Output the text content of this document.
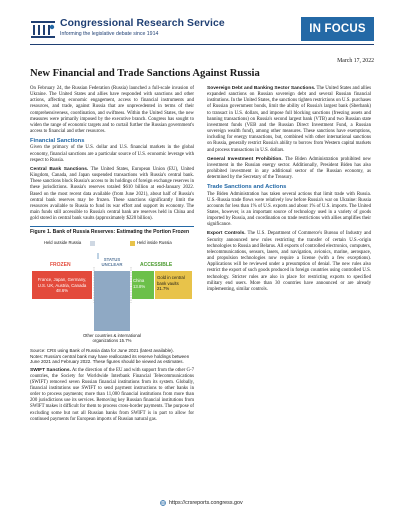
Congressional Research Service
Informing the legislative debate since 1914	IN FOCUS
March 17, 2022
New Financial and Trade Sanctions Against Russia

On February 24, the Russian Federation (Russia) launched a full-scale invasion of Ukraine. The United States and allies have responded with sanctions and other actions, affecting economic engagement, access to financial instruments and resources, and trade, against Russia that are unprecedented in terms of their comprehensiveness, coordination, and swiftness. Within the United States, the new measures were primarily imposed by the executive branch. Congress has sought to widen the range of economic targets and to curtail further the Russian government's access to financial and other resources.

Financial Sanctions

Given the primacy of the U.S. dollar and U.S. financial markets in the global economy, financial sanctions are a particular source of U.S. economic leverage with respect to Russia.

Central Bank Sanctions. The United States, European Union (EU), United Kingdom, Canada, and Japan suspended transactions with Russia's central bank. These sanctions block Russia's access to its holdings of foreign exchange reserves in these jurisdictions. Russia's reserves totaled $610 billion at end-January 2022. Based on the most recent data available (from June 2021), about half of Russia's central bank reserves may be frozen. These sanctions significantly limit the resources available to Russia to fund its war effort and support its economy. The main funds still accessible to Russia's central bank are reserves held in China and gold stored in central bank vaults (approximately $220 billion).

Figure 1. Bank of Russia Reserves: Estimating the Portion Frozen
Held outside Russia	Held inside Russia
FROZEN
STATUS UNCLEAR	ACCESSIBLE
France, Japan, Germany, U.S. UK, Austria, Canada 48.6%
China 13.8%
Gold in central bank vaults 21.7%
Other countries & international organizations 15.7%
Source: CRS using Bank of Russia data for June 2021 (latest available).
Notes: Russia's central bank may have reallocated its reserve holdings between June 2021 and February 2022. These figures should be viewed as estimates.

SWIFT Sanctions. At the direction of the EU and with support from the other G-7 countries, the Society for Worldwide Interbank Financial Telecommunications (SWIFT) removed seven Russian financial institutions from its system. Globally, financial institutions use SWIFT to send payment instructions to other banks in order to process payments; more than 11,000 financial institutions from more than 200 jurisdictions use its services. Removing key Russian financial institutions from SWIFT makes it difficult for them to process cross-border payments. The purpose of excluding some but not all Russian banks from SWIFT is in part to allow for continued payments for European imports of Russian natural gas.

Sovereign Debt and Banking Sector Sanctions. The United States and allies expanded sanctions on Russian sovereign debt and several Russian financial institutions. In the United States, the sanctions tighten restrictions on U.S. purchases of Russian government bonds, limit the ability of Russia's largest bank (Sberbank) to transact in U.S. dollars, and impose full blocking sanctions (freezing assets and banning transactions) on Russia's second largest bank (VTB) and two Russian state investment funds (VEB and the Russian Direct Investment Fund, a Russian sovereign wealth fund), among other measures. These sanctions have exemptions, including for energy transactions, but, combined with other international sanctions on Russia, generally restrict Russia's ability to borrow from Western capital markets and process transactions in U.S. dollars.

General Investment Prohibition. The Biden Administration prohibited new investment in the Russian energy sector. Additionally, President Biden has also prohibited investment in any additional sector of the Russian economy, as determined by the Secretary of the Treasury.

Trade Sanctions and Actions

The Biden Administration has taken several actions that limit trade with Russia. U.S.-Russia trade flows were relatively low before Russia's war on Ukraine: Russia accounts for less than 1% of U.S. exports and about 1% of U.S. imports. The United States, however, is an important source of technology used in a variety of goods imported by Russia, and coordination on trade restrictions with allies amplifies their significance.

Export Controls. The U.S. Department of Commerce's Bureau of Industry and Security announced new rules restricting the transfer of certain U.S.-origin technologies to Russia and Belarus. All exports of controlled electronics, computers, telecommunications, sensors, lasers, and navigation, avionics, marine, aerospace, and propulsion technologies now require a license (with a few exceptions). Applications will be reviewed under a presumption of denial. The new rules also restrict the export of such goods produced in foreign countries using controlled U.S. technology. Stricter rules are also in place for restricting exports to specified military end users. More than 30 countries have announced or are already implementing, similar controls.

https://crsreports.congress.gov
